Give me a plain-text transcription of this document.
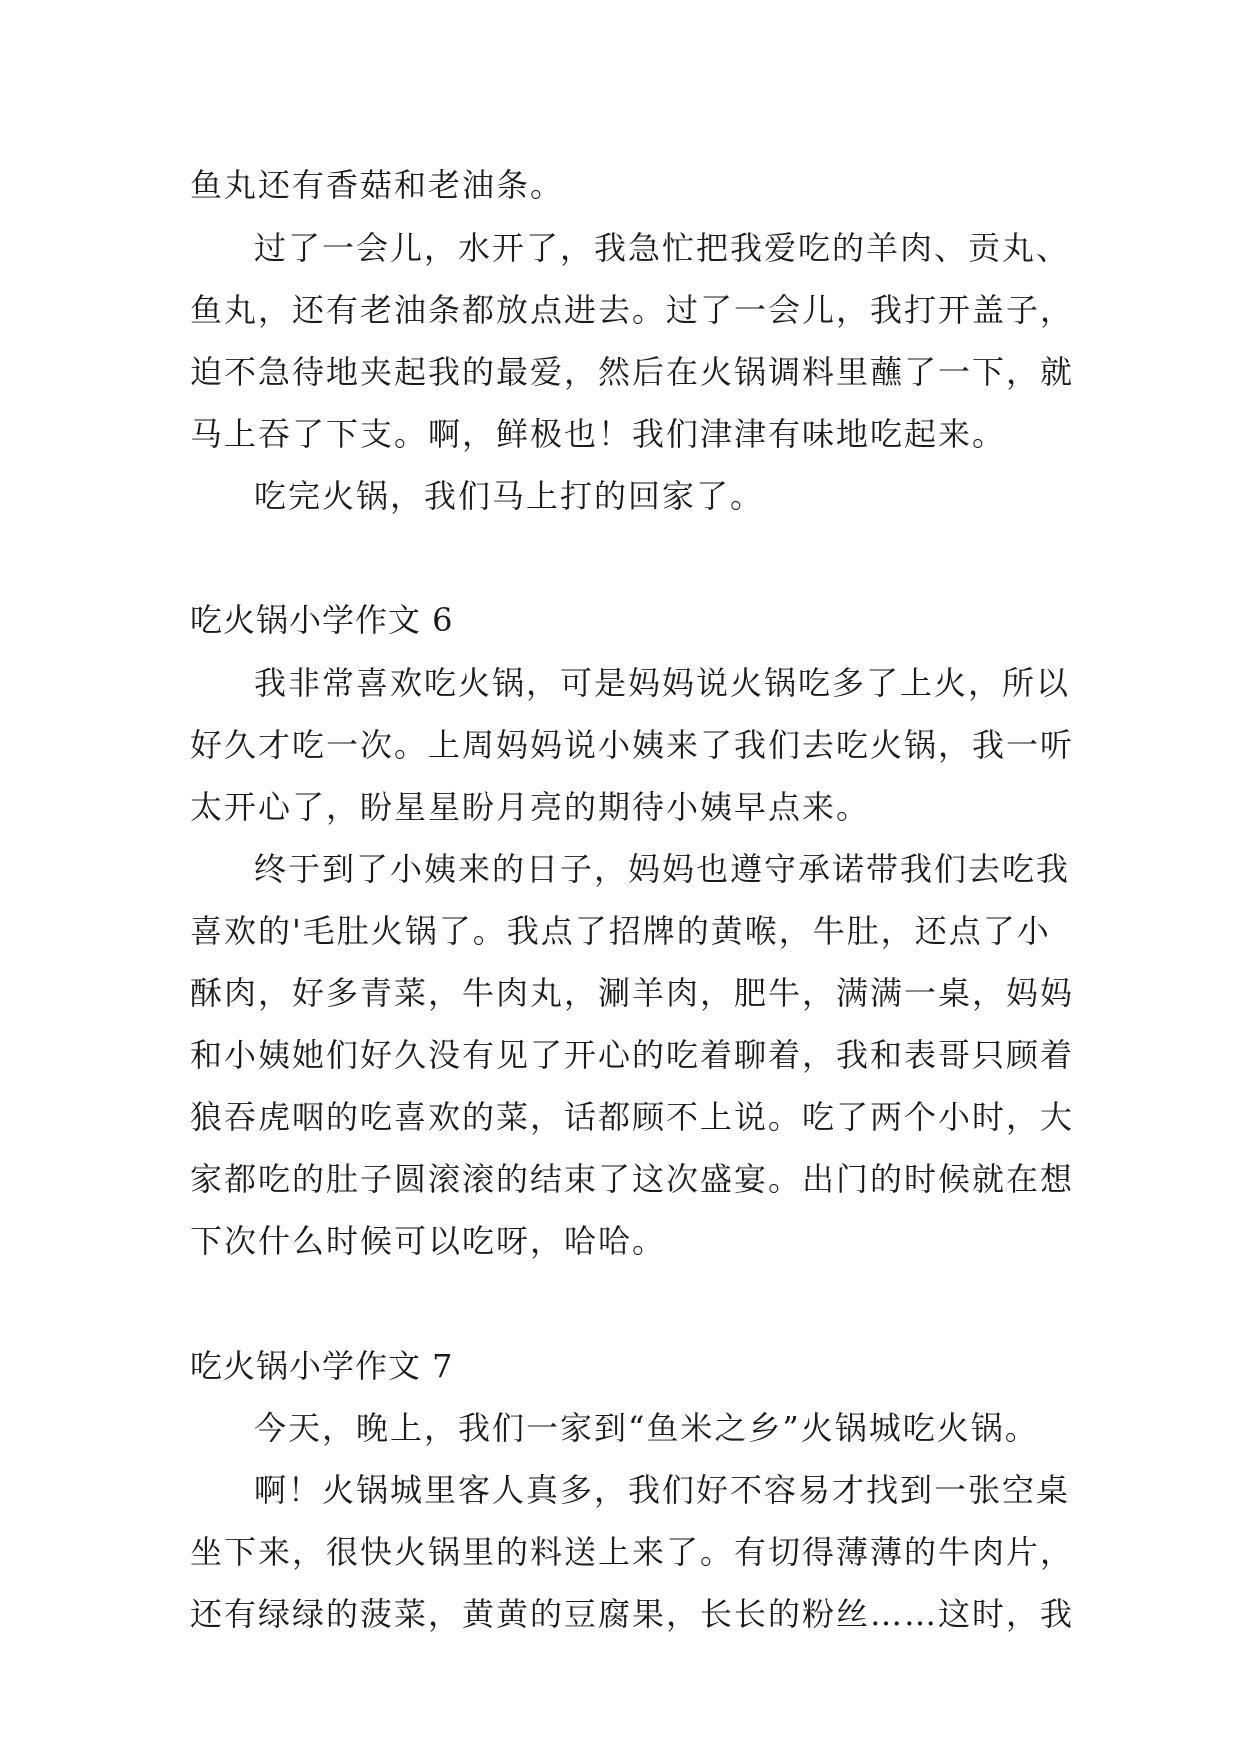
鱼丸还有香菇和老油条。
过了一会儿，水开了，我急忙把我爱吃的羊肉、贡丸、
鱼丸，还有老油条都放点进去。过了一会儿，我打开盖子，
迫不急待地夹起我的最爱，然后在火锅调料里蘸了一下，就
马上吞了下支。啊，鲜极也！我们津津有味地吃起来。
吃完火锅，我们马上打的回家了。
吃火锅小学作文 6
我非常喜欢吃火锅，可是妈妈说火锅吃多了上火，所以
好久才吃一次。上周妈妈说小姨来了我们去吃火锅，我一听
太开心了，盼星星盼月亮的期待小姨早点来。
终于到了小姨来的日子，妈妈也遵守承诺带我们去吃我
喜欢的'毛肚火锅了。我点了招牌的黄喉，牛肚，还点了小
酥肉，好多青菜，牛肉丸，涮羊肉，肥牛，满满一桌，妈妈
和小姨她们好久没有见了开心的吃着聊着，我和表哥只顾着
狼吞虎咽的吃喜欢的菜，话都顾不上说。吃了两个小时，大
家都吃的肚子圆滚滚的结束了这次盛宴。出门的时候就在想
下次什么时候可以吃呀，哈哈。
吃火锅小学作文 7
今天，晚上，我们一家到“鱼米之乡”火锅城吃火锅。
啊！火锅城里客人真多，我们好不容易才找到一张空桌
坐下来，很快火锅里的料送上来了。有切得薄薄的牛肉片，
还有绿绿的菠菜，黄黄的豆腐果，长长的粉丝……这时，我
